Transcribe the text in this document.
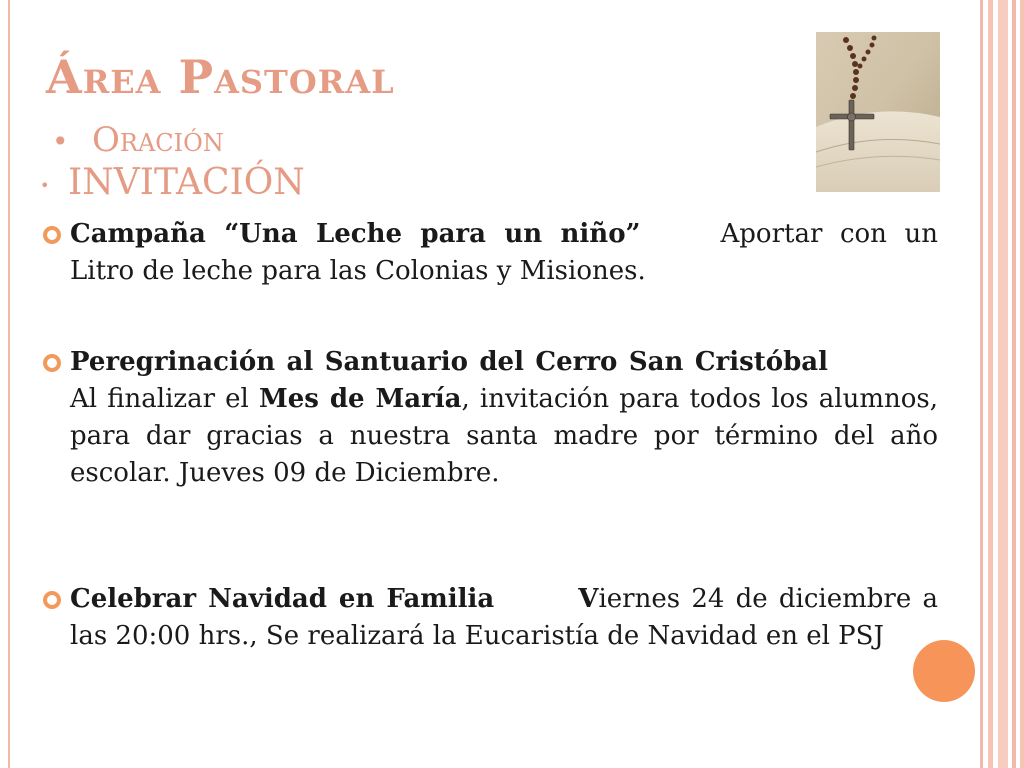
Área Pastoral
• Oración
• INVITACIÓN
Campaña “Una Leche para un niño”	Aportar con un Litro de leche para las Colonias y Misiones.
Peregrinación al Santuario del Cerro San CristóbalAl finalizar el Mes de María, invitación para todos los alumnos, para dar gracias a nuestra santa madre por término del año escolar. Jueves 09 de Diciembre.
Celebrar Navidad en Familia	Viernes 24 de diciembre a las 20:00 hrs., Se realizará la Eucaristía de Navidad en el PSJ
